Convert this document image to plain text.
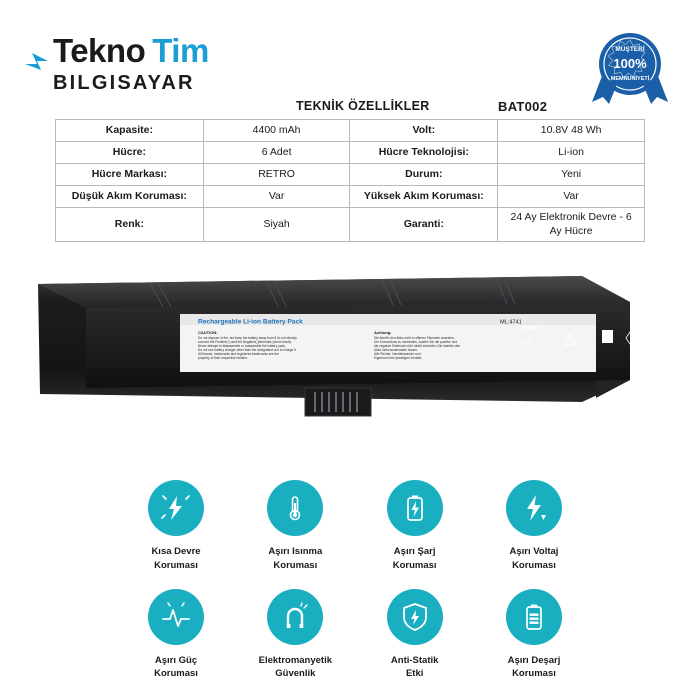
Tekno Tim
BILGISAYAR
MÜŞTERİ
100%
MEMNUNİYETİ
TEKNİK ÖZELLİKLER	BAT002
Kapasite:	4400 mAh	Volt:	10.8V 48 Wh
Hücre:	6 Adet	Hücre Teknolojisi:	Li-ion
Hücre Markası:	RETRO	Durum:	Yeni
Düşük Akım Koruması:	Var	Yüksek Akım Koruması:	Var
Renk:	Siyah	Garanti:	24 Ay Elektronik Devre - 6 Ay Hücre
Rechargeable Li-ion Battery Pack	ML:4741
CAUTION:
Do not dispose in fire, but keep the battery away from 5.0c not directly
connect the Positive(+) and the Negative(-)terminals (short circuit).
Never attempt to disassemble or reassemble the battery pack.
Do not use battery charger other than the designated one to charge it.
All brands, trademarks and registered trademarks are the
property of their respective holders.
Achtung:
Die Akerfin den Akku nicht in offenen Flammen ausetzen,
Um Kurzschluss zu vermeiden, Ausfen Sie die positive und
die negative Elektrode nicht direkt verbinden,Sie duerfen den
Akku nicht auseinander bauen.
Alle Rechte, Handelsmarken und
Eigentum Ihrer jeweiligen Inhaber.
RoHS
CE	!
MADE IN CHINA.
Kısa Devre
Koruması
Aşırı Isınma
Koruması
Aşırı Şarj
Koruması
Aşırı Voltaj
Koruması
Aşırı Güç
Koruması
Elektromanyetik
Güvenlik
Anti-Statik
Etki
Aşırı Deşarj
Koruması
